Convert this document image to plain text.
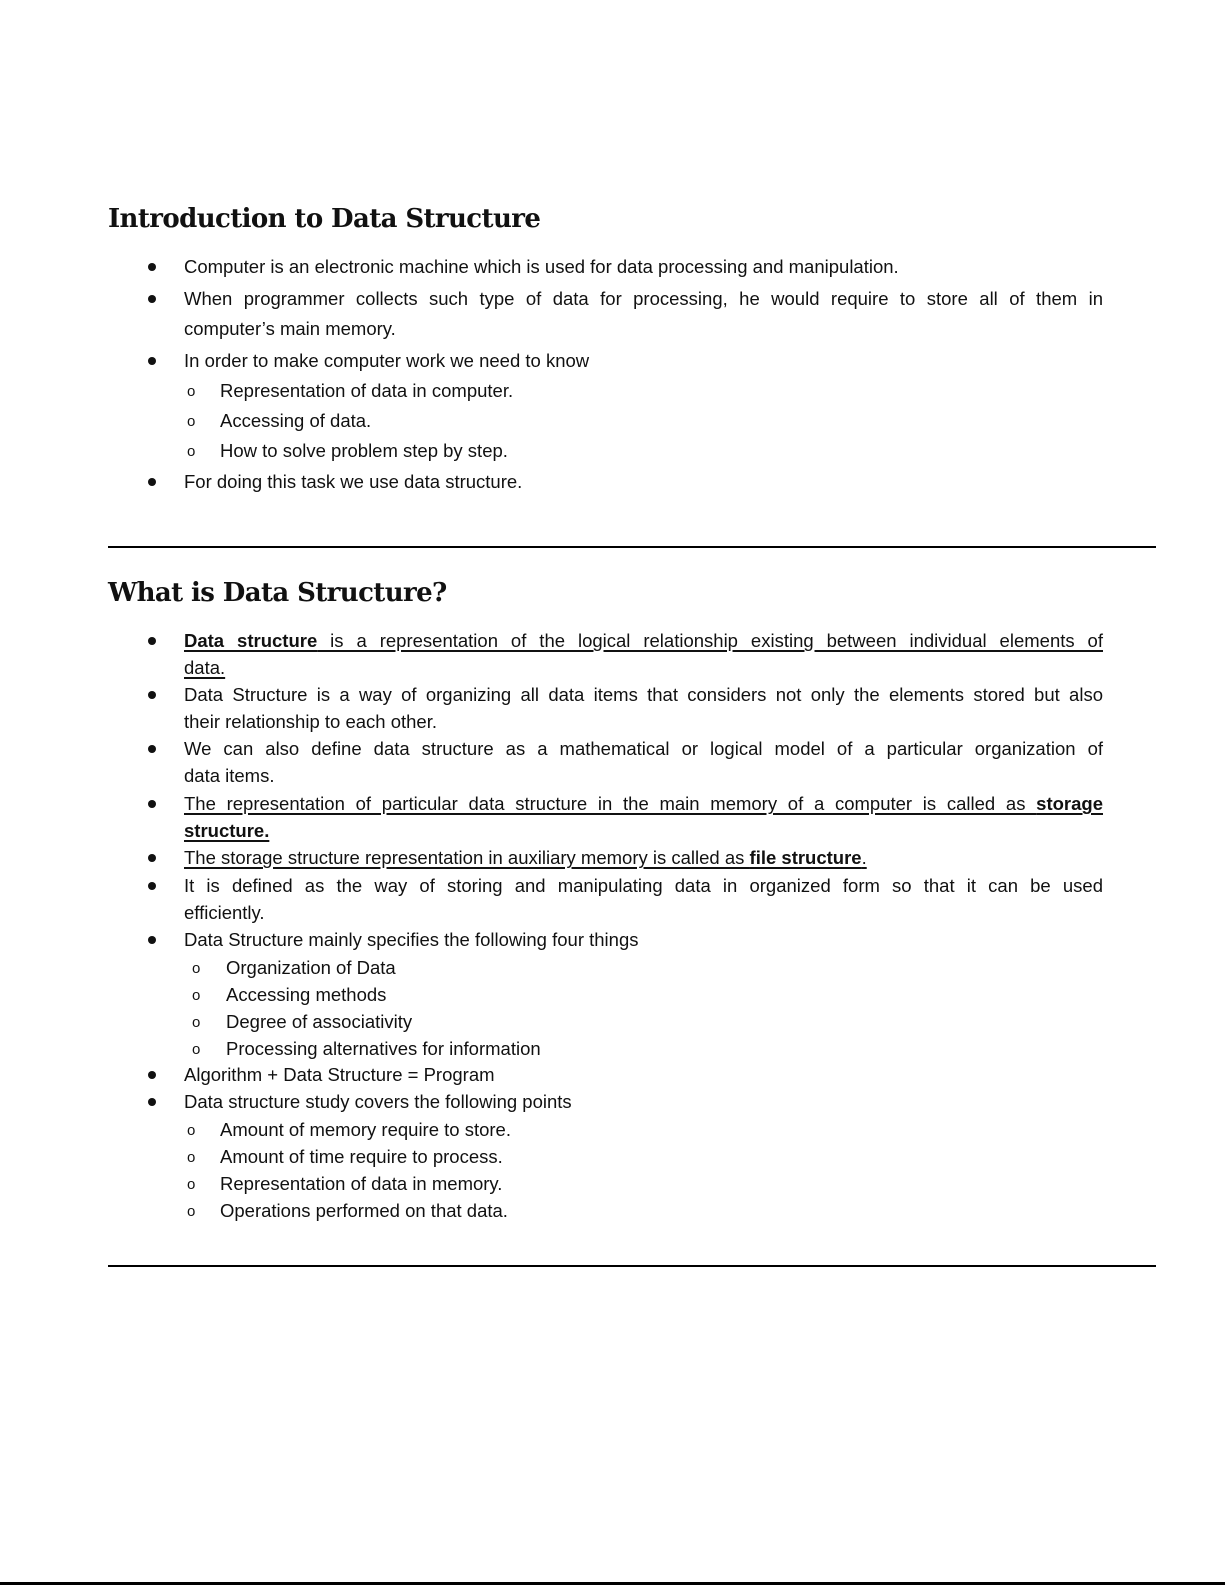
Introduction to Data Structure
Computer is an electronic machine which is used for data processing and manipulation.
When programmer collects such type of data for processing, he would require to store all of them in
computer’s main memory.
In order to make computer work we need to know
o Representation of data in computer.
o Accessing of data.
o How to solve problem step by step.
For doing this task we use data structure.
What is Data Structure?
Data structure is a representation of the logical relationship existing between individual elements of
data.
Data Structure is a way of organizing all data items that considers not only the elements stored but also
their relationship to each other.
We can also define data structure as a mathematical or logical model of a particular organization of
data items.
The representation of particular data structure in the main memory of a computer is called as storage
structure.
The storage structure representation in auxiliary memory is called as file structure.
It is defined as the way of storing and manipulating data in organized form so that it can be used
efficiently.
Data Structure mainly specifies the following four things
o Organization of Data
o Accessing methods
o Degree of associativity
o Processing alternatives for information
Algorithm + Data Structure = Program
Data structure study covers the following points
o Amount of memory require to store.
o Amount of time require to process.
o Representation of data in memory.
o Operations performed on that data.
